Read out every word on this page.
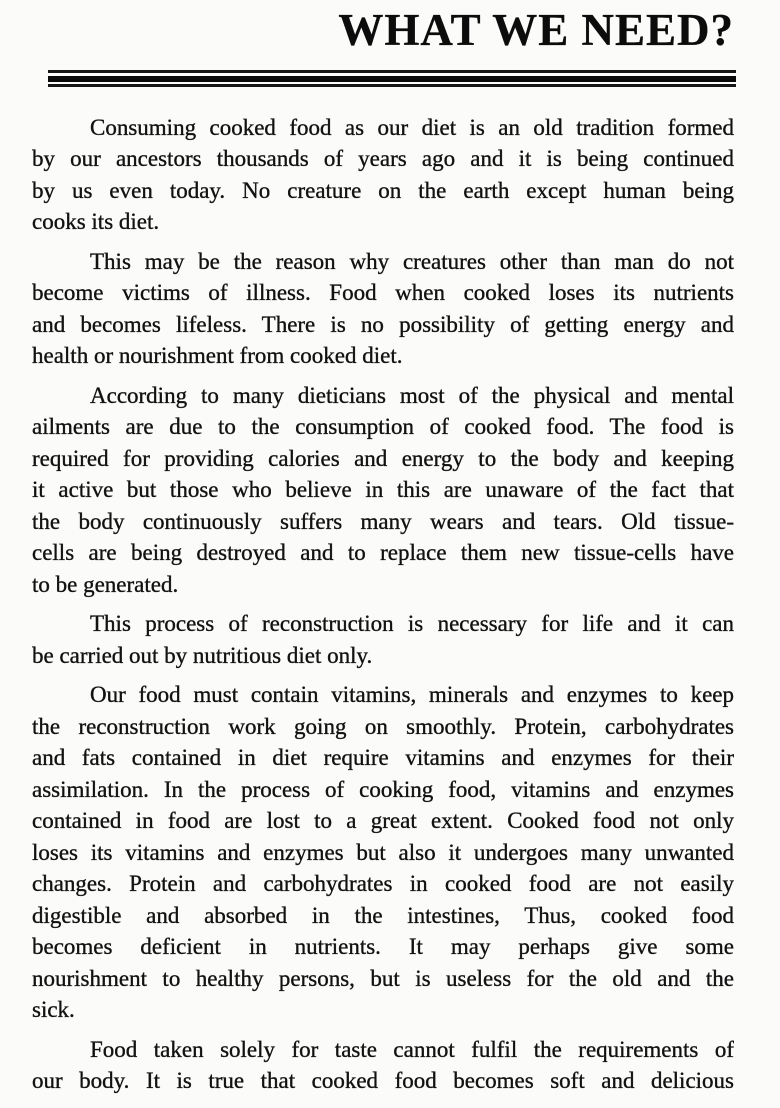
WHAT WE NEED?
Consuming cooked food as our diet is an old tradition formed
by our ancestors thousands of years ago and it is being continued
by us even today. No creature on the earth except human being
cooks its diet.
This may be the reason why creatures other than man do not
become victims of illness. Food when cooked loses its nutrients
and becomes lifeless. There is no possibility of getting energy and
health or nourishment from cooked diet.
According to many dieticians most of the physical and mental
ailments are due to the consumption of cooked food. The food is
required for providing calories and energy to the body and keeping
it active but those who believe in this are unaware of the fact that
the body continuously suffers many wears and tears. Old tissue-
cells are being destroyed and to replace them new tissue-cells have
to be generated.
This process of reconstruction is necessary for life and it can
be carried out by nutritious diet only.
Our food must contain vitamins, minerals and enzymes to keep
the reconstruction work going on smoothly. Protein, carbohydrates
and fats contained in diet require vitamins and enzymes for their
assimilation. In the process of cooking food, vitamins and enzymes
contained in food are lost to a great extent. Cooked food not only
loses its vitamins and enzymes but also it undergoes many unwanted
changes. Protein and carbohydrates in cooked food are not easily
digestible and absorbed in the intestines, Thus, cooked food
becomes deficient in nutrients. It may perhaps give some
nourishment to healthy persons, but is useless for the old and the
sick.
Food taken solely for taste cannot fulfil the requirements of
our body. It is true that cooked food becomes soft and delicious
